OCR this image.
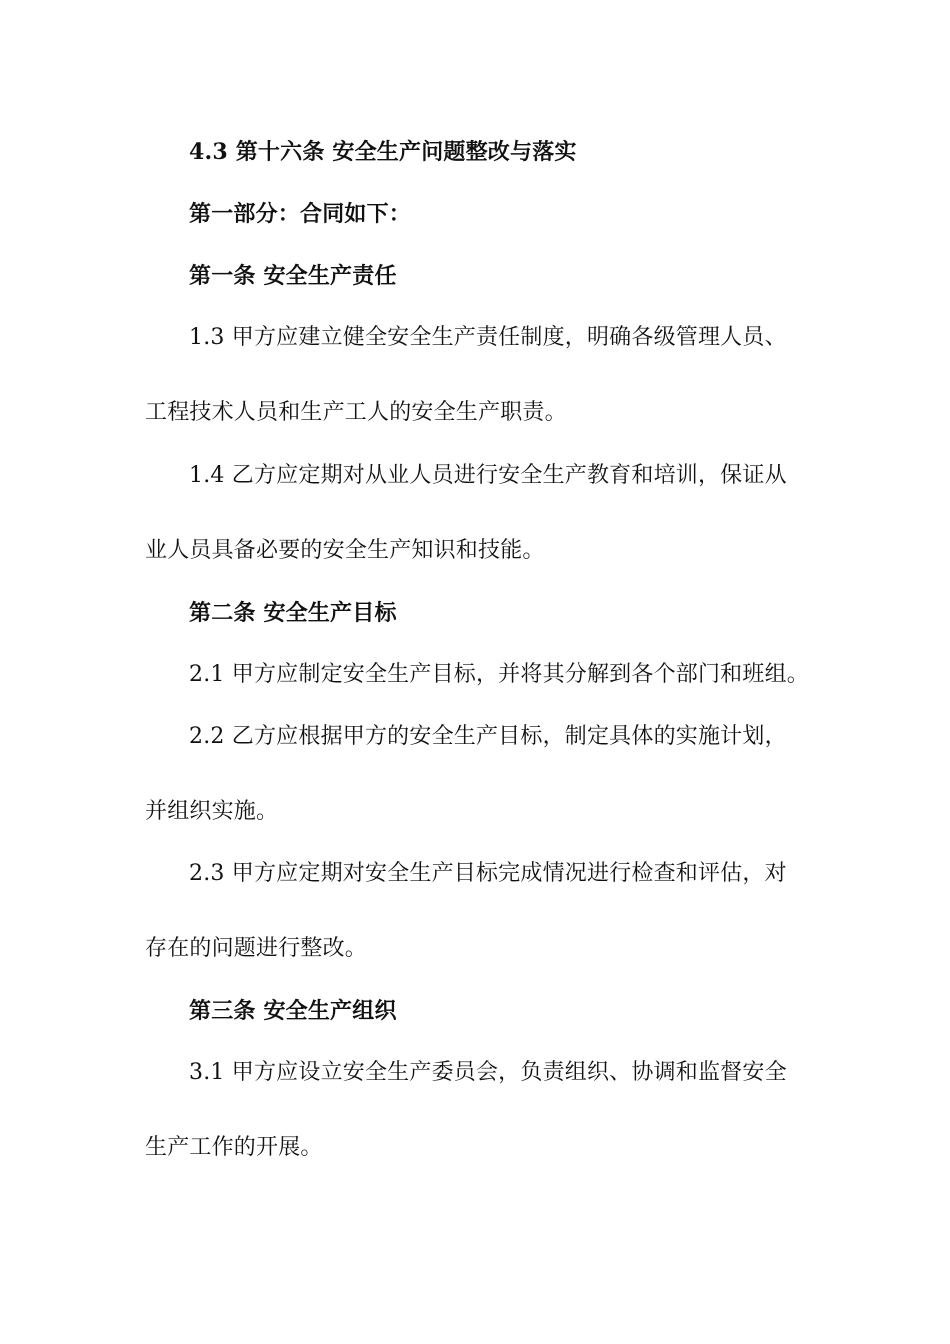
4.3 第十六条 安全生产问题整改与落实
第一部分：合同如下：
第一条 安全生产责任
1.3 甲方应建立健全安全生产责任制度，明确各级管理人员、
工程技术人员和生产工人的安全生产职责。
1.4 乙方应定期对从业人员进行安全生产教育和培训，保证从
业人员具备必要的安全生产知识和技能。
第二条 安全生产目标
2.1 甲方应制定安全生产目标，并将其分解到各个部门和班组。
2.2 乙方应根据甲方的安全生产目标，制定具体的实施计划，
并组织实施。
2.3 甲方应定期对安全生产目标完成情况进行检查和评估，对
存在的问题进行整改。
第三条 安全生产组织
3.1 甲方应设立安全生产委员会，负责组织、协调和监督安全
生产工作的开展。
